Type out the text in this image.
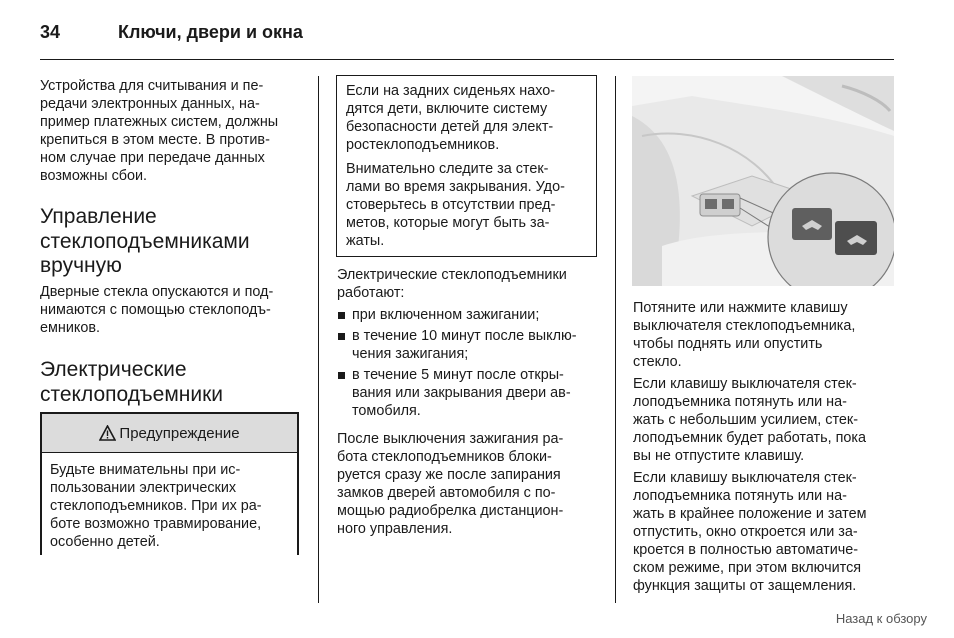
34	Ключи, двери и окна

Устройства для считывания и пе-
редачи электронных данных, на-
пример платежных систем, должны
крепиться в этом месте. В против-
ном случае при передаче данных
возможны сбои.

Управление
стеклоподъемниками
вручную

Дверные стекла опускаются и под-
нимаются с помощью стеклоподъ-
емников.

Электрические
стеклоподъемники
Предупреждение

Будьте внимательны при ис-
пользовании электрических
стеклоподъемников. При их ра-
боте возможно травмирование,
особенно детей.

Если на задних сиденьях нахо-
дятся дети, включите систему
безопасности детей для элект-
ростеклоподъемников.

Внимательно следите за стек-
лами во время закрывания. Удо-
стоверьтесь в отсутствии пред-
метов, которые могут быть за-
жаты.

Электрические стеклоподъемники
работают:

при включенном зажигании;
в течение 10 минут после выклю-
чения зажигания;
в течение 5 минут после откры-
вания или закрывания двери ав-
томобиля.

После выключения зажигания ра-
бота стеклоподъемников блоки-
руется сразу же после запирания
замков дверей автомобиля с по-
мощью радиобрелка дистанцион-
ного управления.

Потяните или нажмите клавишу
выключателя стеклоподъемника,
чтобы поднять или опустить
стекло.

Если клавишу выключателя стек-
лоподъемника потянуть или на-
жать с небольшим усилием, стек-
лоподъемник будет работать, пока
вы не отпустите клавишу.

Если клавишу выключателя стек-
лоподъемника потянуть или на-
жать в крайнее положение и затем
отпустить, окно откроется или за-
кроется в полностью автоматиче-
ском режиме, при этом включится
функция защиты от защемления.

Назад к обзору
